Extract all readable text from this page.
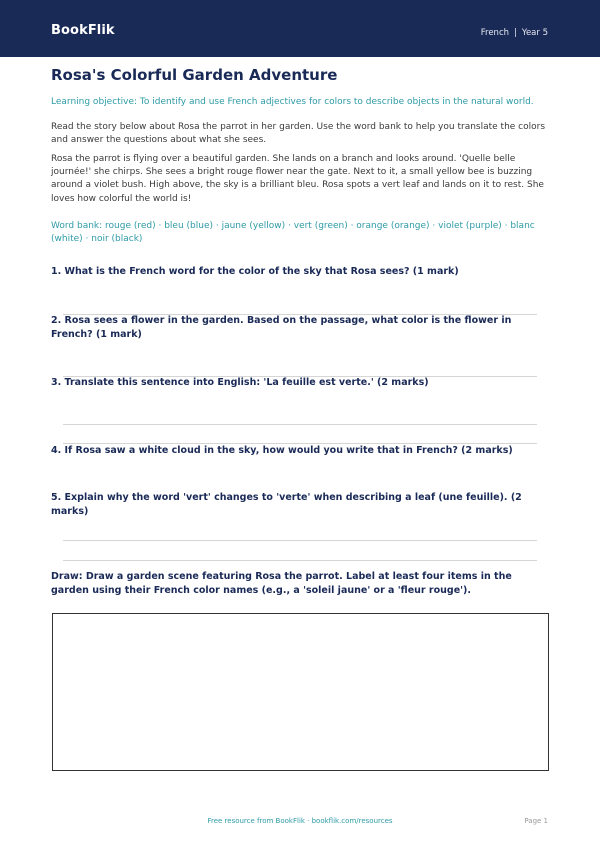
BookFlik	French | Year 5
Rosa's Colorful Garden Adventure
Learning objective: To identify and use French adjectives for colors to describe objects in the natural world.
Read the story below about Rosa the parrot in her garden. Use the word bank to help you translate the colors and answer the questions about what she sees.
Rosa the parrot is flying over a beautiful garden. She lands on a branch and looks around. 'Quelle belle journée!' she chirps. She sees a bright rouge flower near the gate. Next to it, a small yellow bee is buzzing around a violet bush. High above, the sky is a brilliant bleu. Rosa spots a vert leaf and lands on it to rest. She loves how colorful the world is!
Word bank: rouge (red) · bleu (blue) · jaune (yellow) · vert (green) · orange (orange) · violet (purple) · blanc (white) · noir (black)
1. What is the French word for the color of the sky that Rosa sees? (1 mark)
2. Rosa sees a flower in the garden. Based on the passage, what color is the flower in French? (1 mark)
3. Translate this sentence into English: 'La feuille est verte.' (2 marks)
4. If Rosa saw a white cloud in the sky, how would you write that in French? (2 marks)
5. Explain why the word 'vert' changes to 'verte' when describing a leaf (une feuille). (2 marks)
Draw: Draw a garden scene featuring Rosa the parrot. Label at least four items in the garden using their French color names (e.g., a 'soleil jaune' or a 'fleur rouge').
Free resource from BookFlik · bookflik.com/resources	Page 1
